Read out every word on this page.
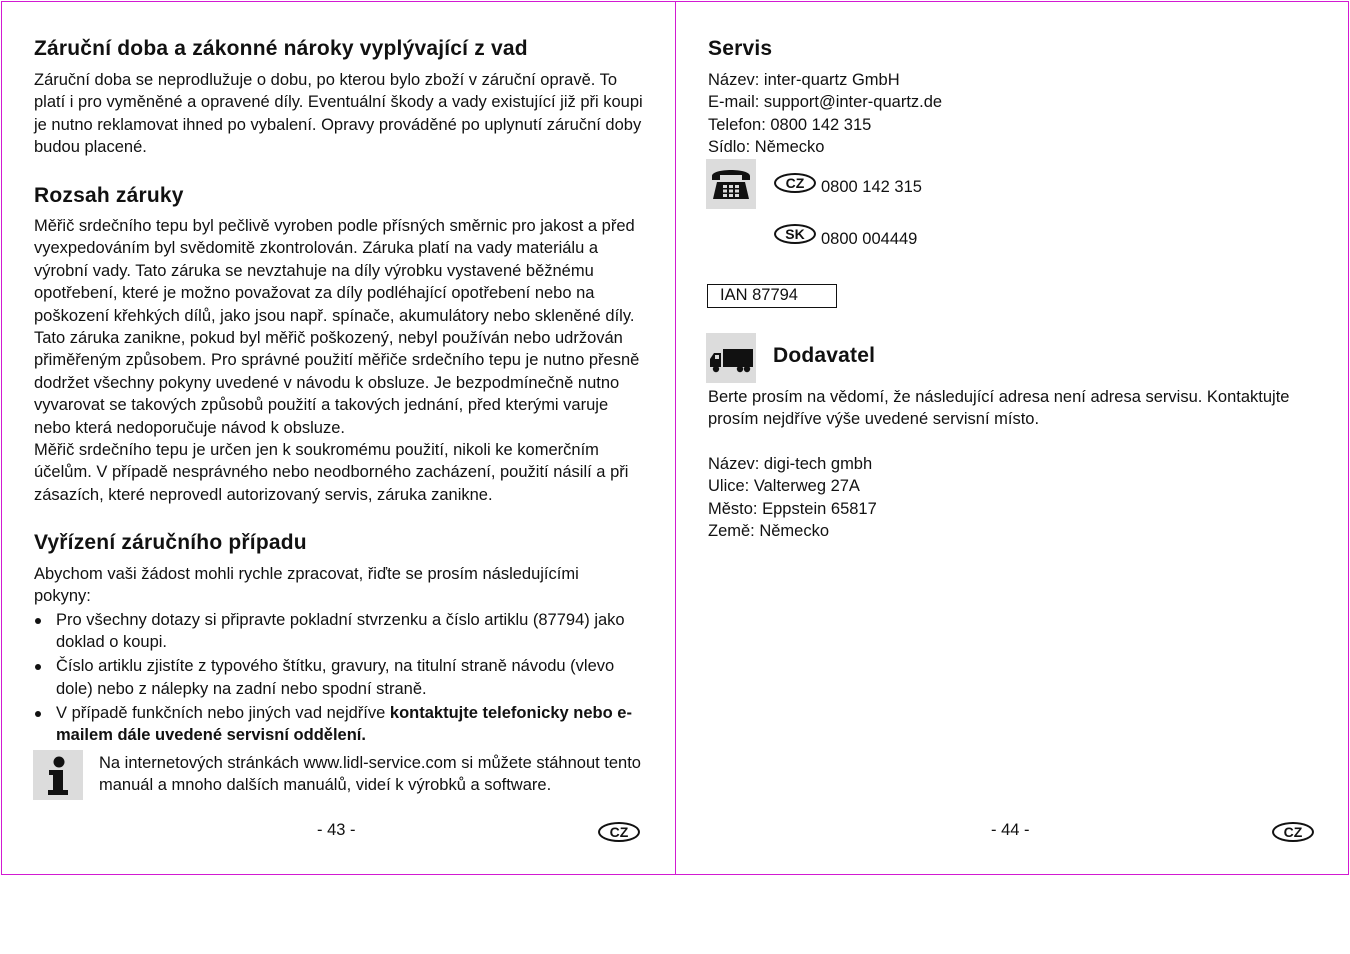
Záruční doba a zákonné nároky vyplývající z vad

Záruční doba se neprodlužuje o dobu, po kterou bylo zboží v záruční opravě. To platí i pro vyměněné a opravené díly. Eventuální škody a vady existující již při koupi je nutno reklamovat ihned po vybalení. Opravy prováděné po uplynutí záruční doby budou placené.

Rozsah záruky

Měřič srdečního tepu byl pečlivě vyroben podle přísných směrnic pro jakost a před vyexpedováním byl svědomitě zkontrolován. Záruka platí na vady materiálu a výrobní vady. Tato záruka se nevztahuje na díly výrobku vystavené běžnému opotřebení, které je možno považovat za díly podléhající opotřebení nebo na poškození křehkých dílů, jako jsou např. spínače, akumulátory nebo skleněné díly. Tato záruka zanikne, pokud byl měřič poškozený, nebyl používán nebo udržován přiměřeným způsobem. Pro správné použití měřiče srdečního tepu je nutno přesně dodržet všechny pokyny uvedené v návodu k obsluze. Je bezpodmínečně nutno vyvarovat se takových způsobů použití a takových jednání, před kterými varuje nebo která nedoporučuje návod k obsluze.

Měřič srdečního tepu je určen jen k soukromému použití, nikoli ke komerčním účelům. V případě nesprávného nebo neodborného zacházení, použití násilí a při zásazích, které neprovedl autorizovaný servis, záruka zanikne.

Vyřízení záručního případu

Abychom vaši žádost mohli rychle zpracovat, řiďte se prosím následujícími pokyny:

Pro všechny dotazy si připravte pokladní stvrzenku a číslo artiklu (87794) jako doklad o koupi.
Číslo artiklu zjistíte z typového štítku, gravury, na titulní straně návodu (vlevo dole) nebo z nálepky na zadní nebo spodní straně.
V případě funkčních nebo jiných vad nejdříve kontaktujte telefonicky nebo e-mailem dále uvedené servisní oddělení.

Na internetových stránkách www.lidl-service.com si můžete stáhnout tento manuál a mnoho dalších manuálů, videí k výrobků a software.

- 43 -	CZ
Servis
Název: inter-quartz GmbH
E-mail: support@inter-quartz.de
Telefon: 0800 142 315
Sídlo: Německo
CZ	0800 142 315
SK 0800 004449
IAN 87794
Dodavatel

Berte prosím na vědomí, že následující adresa není adresa servisu. Kontaktujte prosím nejdříve výše uvedené servisní místo.

Název: digi-tech gmbh
Ulice: Valterweg 27A
Město: Eppstein 65817
Země: Německo
- 44 -	CZ
